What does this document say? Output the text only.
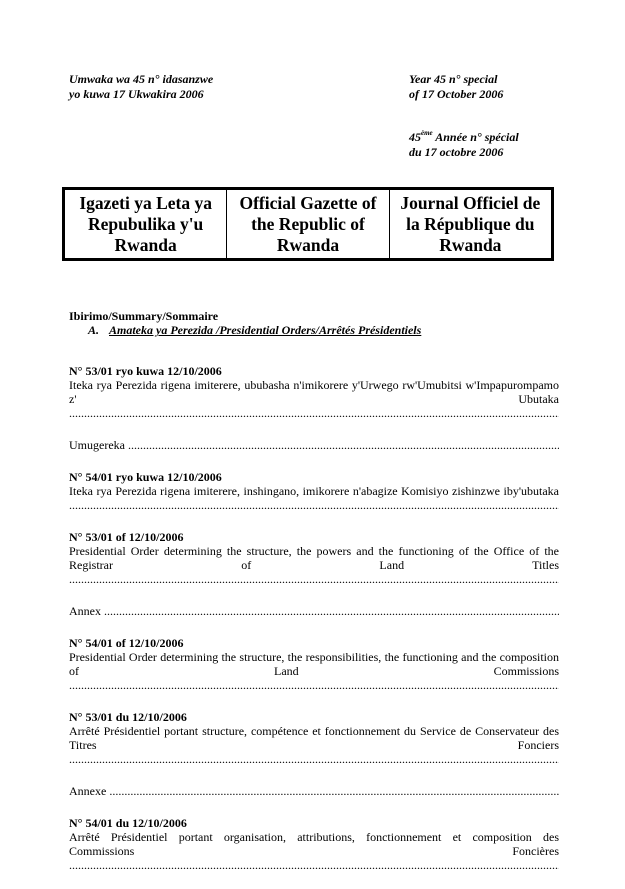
Umwaka wa 45 n° idasanzwe
yo kuwa 17 Ukwakira 2006
Year 45 n° special
of 17 October 2006
45ème Année n° spécial
du 17 octobre 2006
Igazeti ya Leta ya Repubulika y'u Rwanda
Official Gazette of the Republic of Rwanda
Journal Officiel de la République du Rwanda
Ibirimo/Summary/Sommaire
A. Amateka ya Perezida /Presidential Orders/Arrêtés Présidentiels
N° 53/01 ryo kuwa 12/10/2006
Iteka rya Perezida rigena imiterere, ububasha n'imikorere y'Urwego rw'Umubitsi w'Impapurompamo z' Ubutaka .....
Umugereka .....
N° 54/01 ryo kuwa 12/10/2006
Iteka rya Perezida rigena imiterere, inshingano, imikorere n'abagize Komisiyo zishinzwe iby'ubutaka .....
N° 53/01 of 12/10/2006
Presidential Order determining the structure, the powers and the functioning of the Office of the Registrar of Land Titles .....
Annex .....
N° 54/01 of 12/10/2006
Presidential Order determining the structure, the responsibilities, the functioning and the composition of Land Commissions .....
N° 53/01 du 12/10/2006
Arrêté Présidentiel portant structure, compétence et fonctionnement du Service de Conservateur des Titres Fonciers .....
Annexe .....
N° 54/01 du 12/10/2006
Arrêté Présidentiel portant organisation, attributions, fonctionnement et composition des Commissions Foncières .....
